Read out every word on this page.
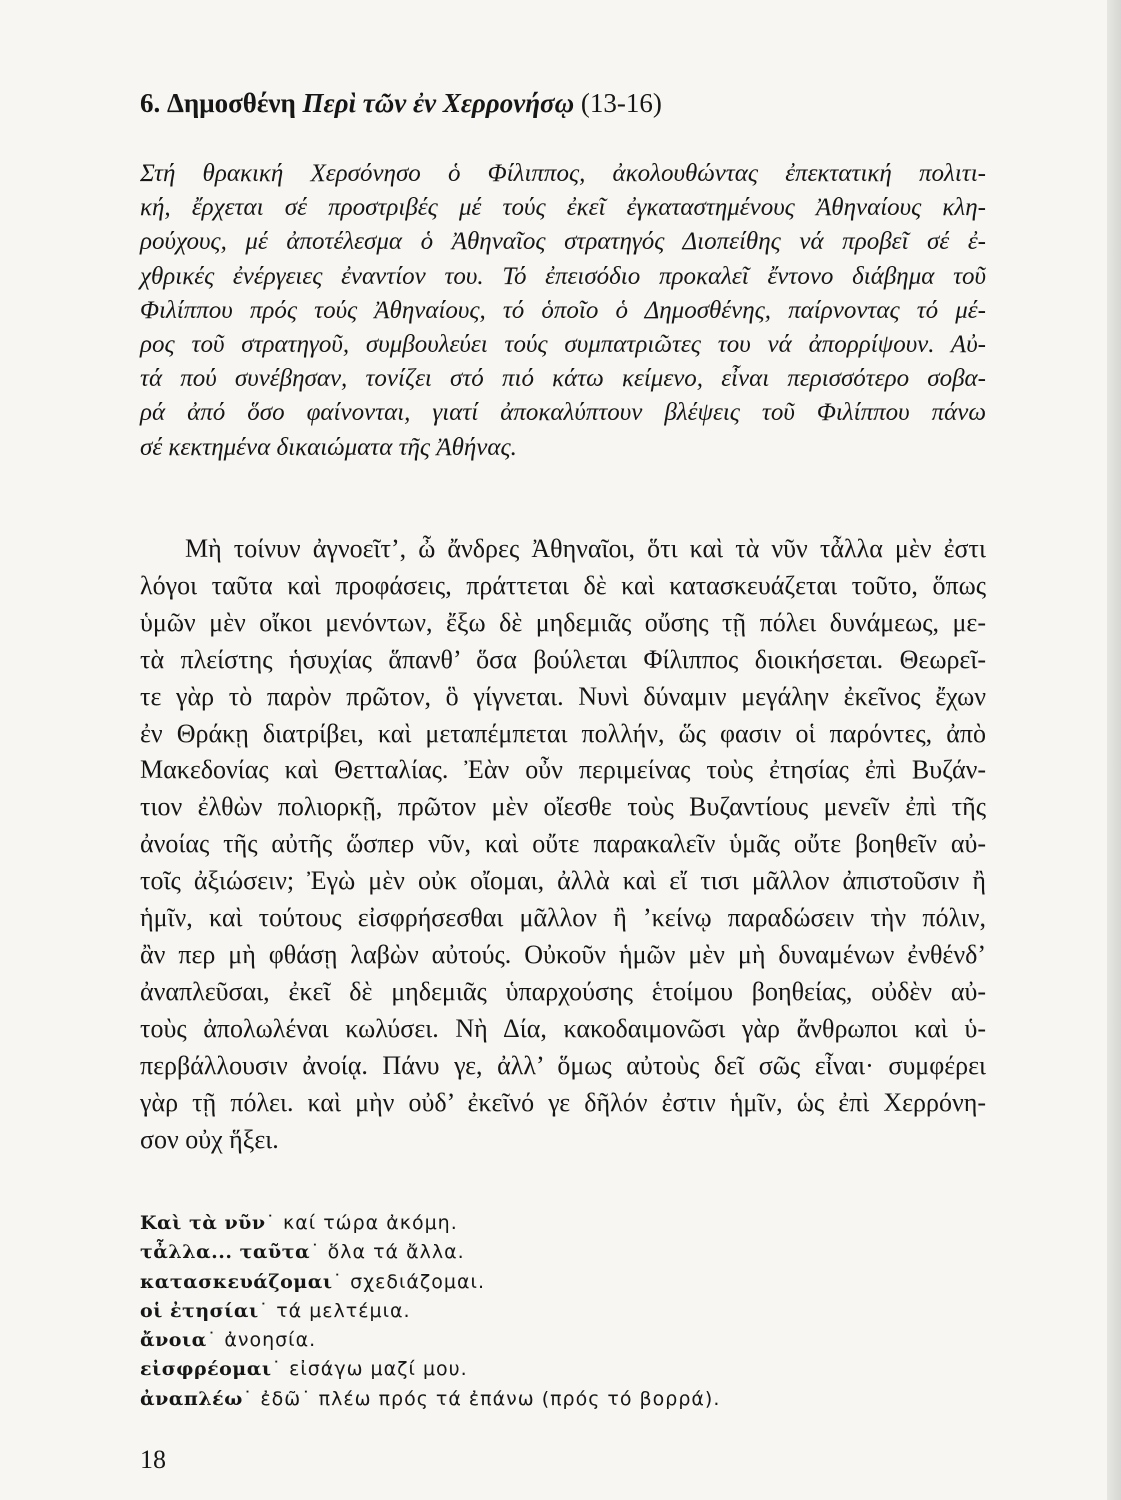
6. Δημοσθένη Περὶ τῶν ἐν Χερρονήσῳ (13-16)
Στή θρακική Χερσόνησο ὁ Φίλιππος, ἀκολουθώντας ἐπεκτατική πολιτι-
κή, ἔρχεται σέ προστριβές μέ τούς ἐκεῖ ἐγκαταστημένους Ἀθηναίους κλη-
ρούχους, μέ ἀποτέλεσμα ὁ Ἀθηναῖος στρατηγός Διοπείθης νά προβεῖ σέ ἐ-
χθρικές ἐνέργειες ἐναντίον του. Τό ἐπεισόδιο προκαλεῖ ἔντονο διάβημα τοῦ
Φιλίππου πρός τούς Ἀθηναίους, τό ὁποῖο ὁ Δημοσθένης, παίρνοντας τό μέ-
ρος τοῦ στρατηγοῦ, συμβουλεύει τούς συμπατριῶτες του νά ἀπορρίψουν. Αὐ-
τά πού συνέβησαν, τονίζει στό πιό κάτω κείμενο, εἶναι περισσότερο σοβα-
ρά ἀπό ὅσο φαίνονται, γιατί ἀποκαλύπτουν βλέψεις τοῦ Φιλίππου πάνω
σέ κεκτημένα δικαιώματα τῆς Ἀθήνας.
Μὴ τοίνυν ἀγνοεῖτ’, ὦ ἄνδρες Ἀθηναῖοι, ὅτι καὶ τὰ νῦν τἆλλα μὲν ἐστι
λόγοι ταῦτα καὶ προφάσεις, πράττεται δὲ καὶ κατασκευάζεται τοῦτο, ὅπως
ὑμῶν μὲν οἴκοι μενόντων, ἔξω δὲ μηδεμιᾶς οὔσης τῇ πόλει δυνάμεως, με-
τὰ πλείστης ἡσυχίας ἅπανθ’ ὅσα βούλεται Φίλιππος διοικήσεται. Θεωρεῖ-
τε γὰρ τὸ παρὸν πρῶτον, ὃ γίγνεται. Νυνὶ δύναμιν μεγάλην ἐκεῖνος ἔχων
ἐν Θράκῃ διατρίβει, καὶ μεταπέμπεται πολλήν, ὥς φασιν οἱ παρόντες, ἀπὸ
Μακεδονίας καὶ Θετταλίας. Ἐὰν οὖν περιμείνας τοὺς ἐτησίας ἐπὶ Βυζάν-
τιον ἐλθὼν πολιορκῇ, πρῶτον μὲν οἴεσθε τοὺς Βυζαντίους μενεῖν ἐπὶ τῆς
ἀνοίας τῆς αὐτῆς ὥσπερ νῦν, καὶ οὔτε παρακαλεῖν ὑμᾶς οὔτε βοηθεῖν αὐ-
τοῖς ἀξιώσειν; Ἐγὼ μὲν οὐκ οἴομαι, ἀλλὰ καὶ εἴ τισι μᾶλλον ἀπιστοῦσιν ἢ
ἡμῖν, καὶ τούτους εἰσφρήσεσθαι μᾶλλον ἢ ’κείνῳ παραδώσειν τὴν πόλιν,
ἂν περ μὴ φθάσῃ λαβὼν αὐτούς. Οὐκοῦν ἡμῶν μὲν μὴ δυναμένων ἐνθένδ’
ἀναπλεῦσαι, ἐκεῖ δὲ μηδεμιᾶς ὑπαρχούσης ἑτοίμου βοηθείας, οὐδὲν αὐ-
τοὺς ἀπολωλέναι κωλύσει. Νὴ Δία, κακοδαιμονῶσι γὰρ ἄνθρωποι καὶ ὑ-
περβάλλουσιν ἀνοίᾳ. Πάνυ γε, ἀλλ’ ὅμως αὐτοὺς δεῖ σῶς εἶναι· συμφέρει
γὰρ τῇ πόλει. καὶ μὴν οὐδ’ ἐκεῖνό γε δῆλόν ἐστιν ἡμῖν, ὡς ἐπὶ Χερρόνη-
σον οὐχ ἥξει.
Καὶ τὰ νῦν˙ καί τώρα ἀκόμη.
τἆλλα... ταῦτα˙ ὅλα τά ἄλλα.
κατασκευάζομαι˙ σχεδιάζομαι.
οἱ ἐτησίαι˙ τά μελτέμια.
ἄνοια˙ ἀνοησία.
εἰσφρέομαι˙ εἰσάγω μαζί μου.
ἀναπλέω˙ ἐδῶ˙ πλέω πρός τά ἐπάνω (πρός τό βορρά).
18
